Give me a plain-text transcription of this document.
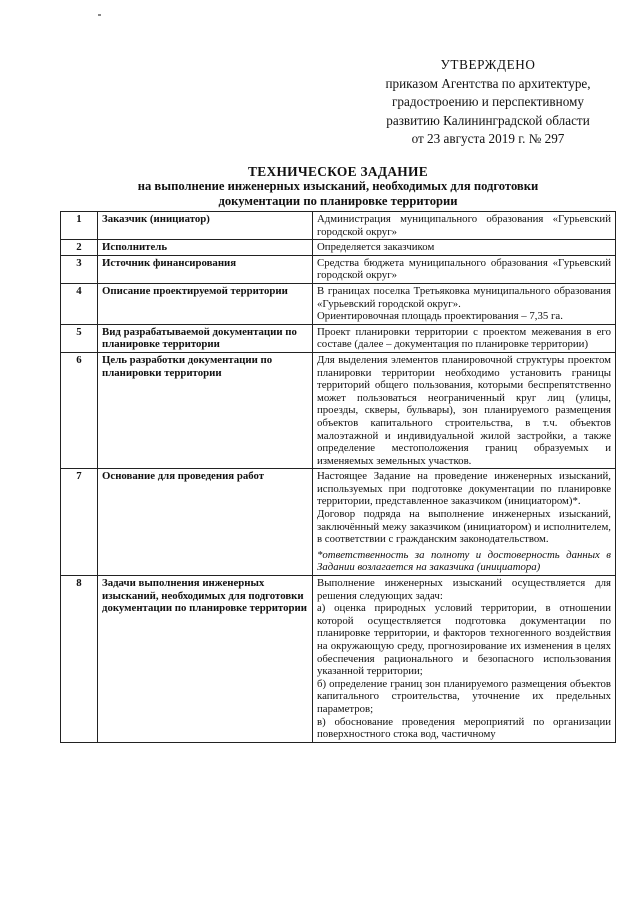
УТВЕРЖДЕНО
приказом Агентства по архитектуре,
градостроению и перспективному
развитию Калининградской области
от 23 августа 2019 г. № 297
ТЕХНИЧЕСКОЕ ЗАДАНИЕ
на выполнение инженерных изысканий, необходимых для подготовки
документации по планировке территории
1	Заказчик (инициатор)	Администрация муниципального образования «Гурьевский городской округ»

2	Исполнитель	Определяется заказчиком

3	Источник финансирования	Средства бюджета муниципального образования «Гурьевский городской округ»

4	Описание проектируемой территории	В границах поселка Третьяковка муниципального образования «Гурьевский городской округ».

Ориентировочная площадь проектирования – 7,35 га.

5	Вид разрабатываемой документации по планировке территории	Проект планировки территории с проектом межевания в его составе (далее – документация по планировке территории)

6	Цель разработки документации по планировки территории	Для выделения элементов планировочной структуры проектом планировки территории необходимо установить границы территорий общего пользования, которыми беспрепятственно может пользоваться неограниченный круг лиц (улицы, проезды, скверы, бульвары), зон планируемого размещения объектов капитального строительства, в т.ч. объектов малоэтажной и индивидуальной жилой застройки, а также определение местоположения границ образуемых и изменяемых земельных участков.

7	Основание для проведения работ	Настоящее Задание на проведение инженерных изысканий, используемых при подготовке документации по планировке территории, представленное заказчиком (инициатором)*.

Договор подряда на выполнение инженерных изысканий, заключённый межу заказчиком (инициатором) и исполнителем, в соответствии с гражданским законодательством.

*ответственность за полноту и достоверность данных в Задании возлагается на заказчика (инициатора)

8	Задачи выполнения инженерных изысканий, необходимых для подготовки документации по планировке территории	Выполнение инженерных изысканий осуществляется для решения следующих задач:

а) оценка природных условий территории, в отношении которой осуществляется подготовка документации по планировке территории, и факторов техногенного воздействия на окружающую среду, прогнозирование их изменения в целях обеспечения рационального и безопасного использования указанной территории;

б) определение границ зон планируемого размещения объектов капитального строительства, уточнение их предельных параметров;

в) обоснование проведения мероприятий по организации поверхностного стока вод, частичному
